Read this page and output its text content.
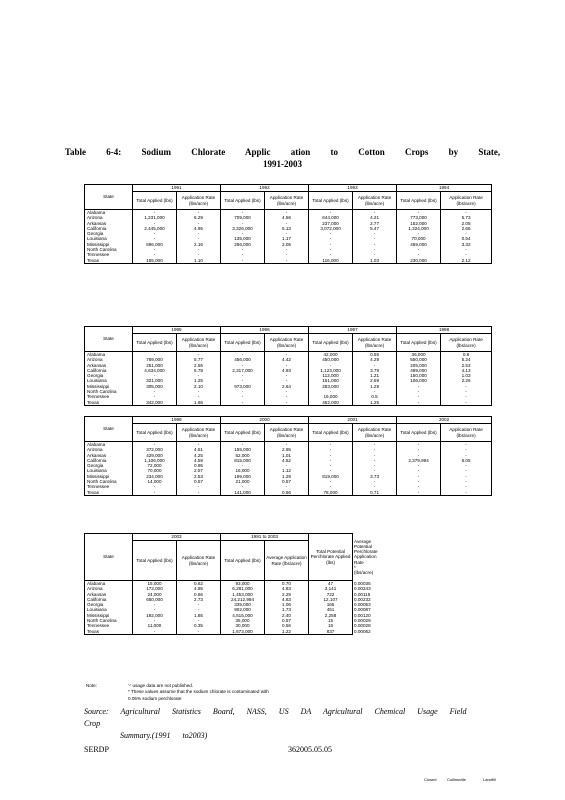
Table 6-4: Sodium Chlorate Applic ation to Cotton Crops by State,
1991-2003
State	1991		1992		1993		1994	
	Total Applied (lbs)	Application Rate (lbs/acre)	Total Applied (lbs)	Application Rate (lbs/acre)	Total Applied (lbs)	Application Rate (lbs/acre)	Total Applied (lbs)	Application Rate (lbs/acre)
Alabama	-	-	-	-	-	-	-	-
Arizona	1,231,000	6.29	709,000	4.56	644,000	4.21	773,000	5.73
Arkansas	-	-	-	-	237,000	2.77	152,000	2.05
California	2,445,000	4.95	3,326,000	5.13	3,072,000	5.47	1,324,000	2.66
Georgia	-	-	-	-	-	-	-	-
Louisiana	-	-	135,000	1.17	-	-	70,000	0.54
Mississippi	696,000	2.16	256,000	2.05	-	-	459,000	3.32
North Carolina	-	-	-	-	-	-	-	-
Tennessee	-	-	-	-	-	-	-	-
Texas	155,000	1.10	-	-	116,000	1.03	230,000	2.12
State	1995		1996		1997		1998	
	Total Applied (lbs)	Application Rate (lbs/acre)	Total Applied (lbs)	Application Rate (lbs/acre)	Total Applied (lbs)	Application Rate (lbs/acre)	Total Applied (lbs)	Application Rate (lbs/acre)
Alabama	-	-	-	-	42,000	0.55	36,000	0.6
Arizona	769,000	5.77	456,000	4.42	450,000	4.29	550,000	5.24
Arkansas	251,000	2.55	-	-	-	-	205,000	2.53
California	4,634,000	5.79	2,317,000	4.93	1,123,000	3.79	499,000	4.13
Georgia	-	-	-	-	113,000	1.21	150,000	1.03
Louisiana	321,000	1.25	-	-	151,000	2.59	106,000	2.26
Mississippi	305,000	2.10	973,000	2.64	283,000	1.29	-	-
North Carolina	-	-	-	-	-	-	-	-
Tennessee	-	-	-	-	19,000	0.5	-	-
Texas	342,000	1.66	-	-	452,000	1.25	-	-
State	1999		2000		2001		2002	
	Total Applied (lbs)	Application Rate (lbs/acre)	Total Applied (lbs)	Application Rate (lbs/acre)	Total Applied (lbs)	Application Rate (lbs/acre)	Total Applied (lbs)	Application Rate (lbs/acre)
Alabama	-	-	-	-	-	-	-	-
Arizona	372,000	4.51	155,000	2.95	-	-	-	-
Arkansas	429,000	4.25	62,000	1.01	-	-	-	-
California	1,106,000	4.59	815,000	4.52	-	-	2,379,994	6.05
Georgia	72,000	0.95	-	-	-	-	-	-
Louisiana	70,000	2.57	16,000	1.12	-	-	-	-
Mississippi	234,000	2.53	199,000	1.29	819,000	3.73	-	-
North Carolina	14,000	0.57	21,000	0.57	-	-	-	-
Tennessee	-	-	-	-	-	-	-	-
Texas	-	-	141,000	0.66	78,000	0.71	-	-
State	2003		1991 to 2003		Total Potential Perchlorate Applied (lbs)	Average Potential Perchlorate Application Rate * (lbs/acre)
	Total Applied (lbs)	Application Rate (lbs/acre)	Total Applied (lbs)	Average Application Rate (lbs/acre)		
Alabama	15,000	0.62	93,000	0.70	47	0.00035
Arizona	172,000	4.95	6,281,000	4.83	3,141	0.00243
Arkansas	24,000	0.66	1,453,000	2.29	722	0.00115
California	650,000	2.73	24,212,994	4.63	12,107	0.00232
Georgia	-	-	335,000	1.06	165	0.00053
Louisiana	-	-	902,000	1.73	451	0.00087
Mississippi	192,000	1.85	4,515,000	2.40	2,258	0.00120
North Carolina	-	-	35,000	0.57	15	0.00029
Tennessee	11,000	0.35	30,000	0.56	15	0.00028
Texas	-	-	1,673,000	1.22	837	0.00062
Note:	'-' usage data are not published.
* These values assume that the sodium chlorate is contaminated with
0.05% sodium perchlorate
Source: Agricultural Statistics Board, NASS, US DA Agricultural Chemical Usage Field Crop
Summary.(1991 to2003)
SERDP	362005.05.05
Closed	Collinsville	Landfill
